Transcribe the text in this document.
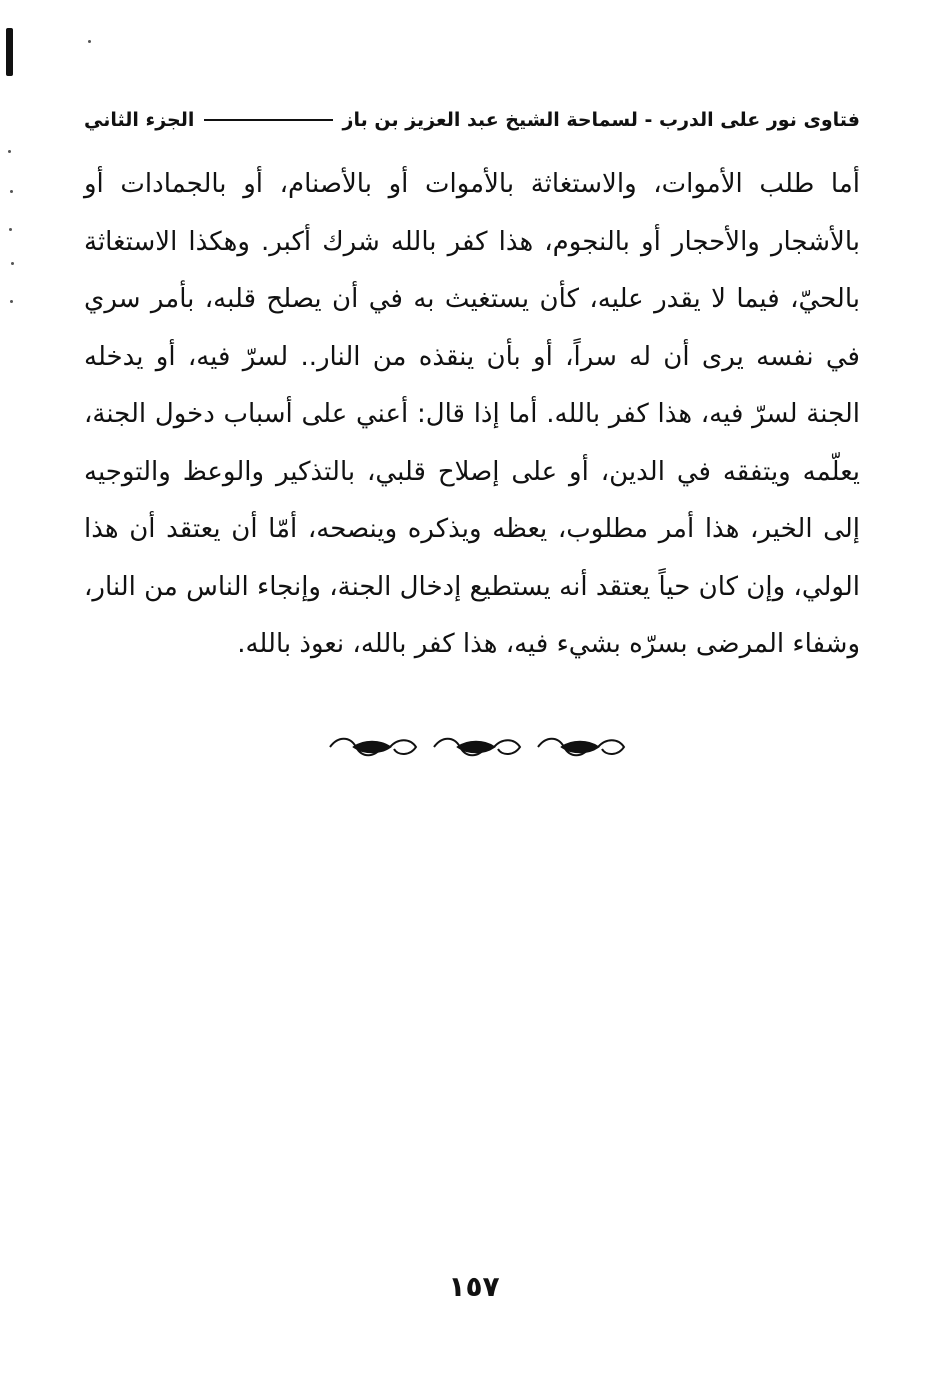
فتاوى نور على الدرب - لسماحة الشيخ عبد العزيز بن باز
الجزء الثاني

أما طلب الأموات، والاستغاثة بالأموات أو بالأصنام، أو بالجمادات أو بالأشجار والأحجار أو بالنجوم، هذا كفر بالله شرك أكبر. وهكذا الاستغاثة بالحيّ، فيما لا يقدر عليه، كأن يستغيث به في أن يصلح قلبه، بأمر سري في نفسه يرى أن له سراً، أو بأن ينقذه من النار.. لسرّ فيه، أو يدخله الجنة لسرّ فيه، هذا كفر بالله. أما إذا قال: أعني على أسباب دخول الجنة، يعلّمه ويتفقه في الدين، أو على إصلاح قلبي، بالتذكير والوعظ والتوجيه إلى الخير، هذا أمر مطلوب، يعظه ويذكره وينصحه، أمّا أن يعتقد أن هذا الولي، وإن كان حياً يعتقد أنه يستطيع إدخال الجنة، وإنجاء الناس من النار، وشفاء المرضى بسرّه بشيء فيه، هذا كفر بالله، نعوذ بالله.

١٥٧
